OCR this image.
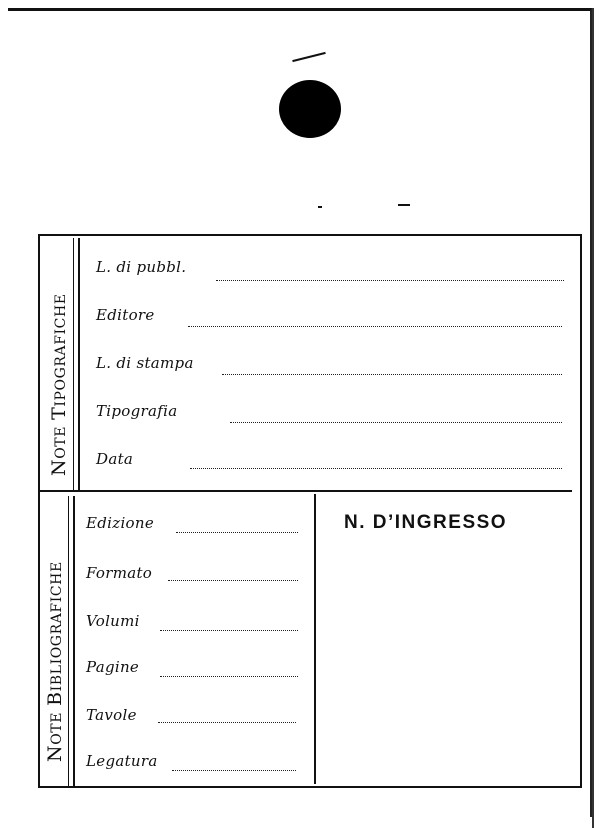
NOTE TIPOGRAFICHE
L. di pubbl.
Editore
L. di stampa
Tipografia
Data
NOTE BIBLIOGRAFICHE
Edizione
Formato
Volumi
Pagine
Tavole
Legatura
N. D’INGRESSO
